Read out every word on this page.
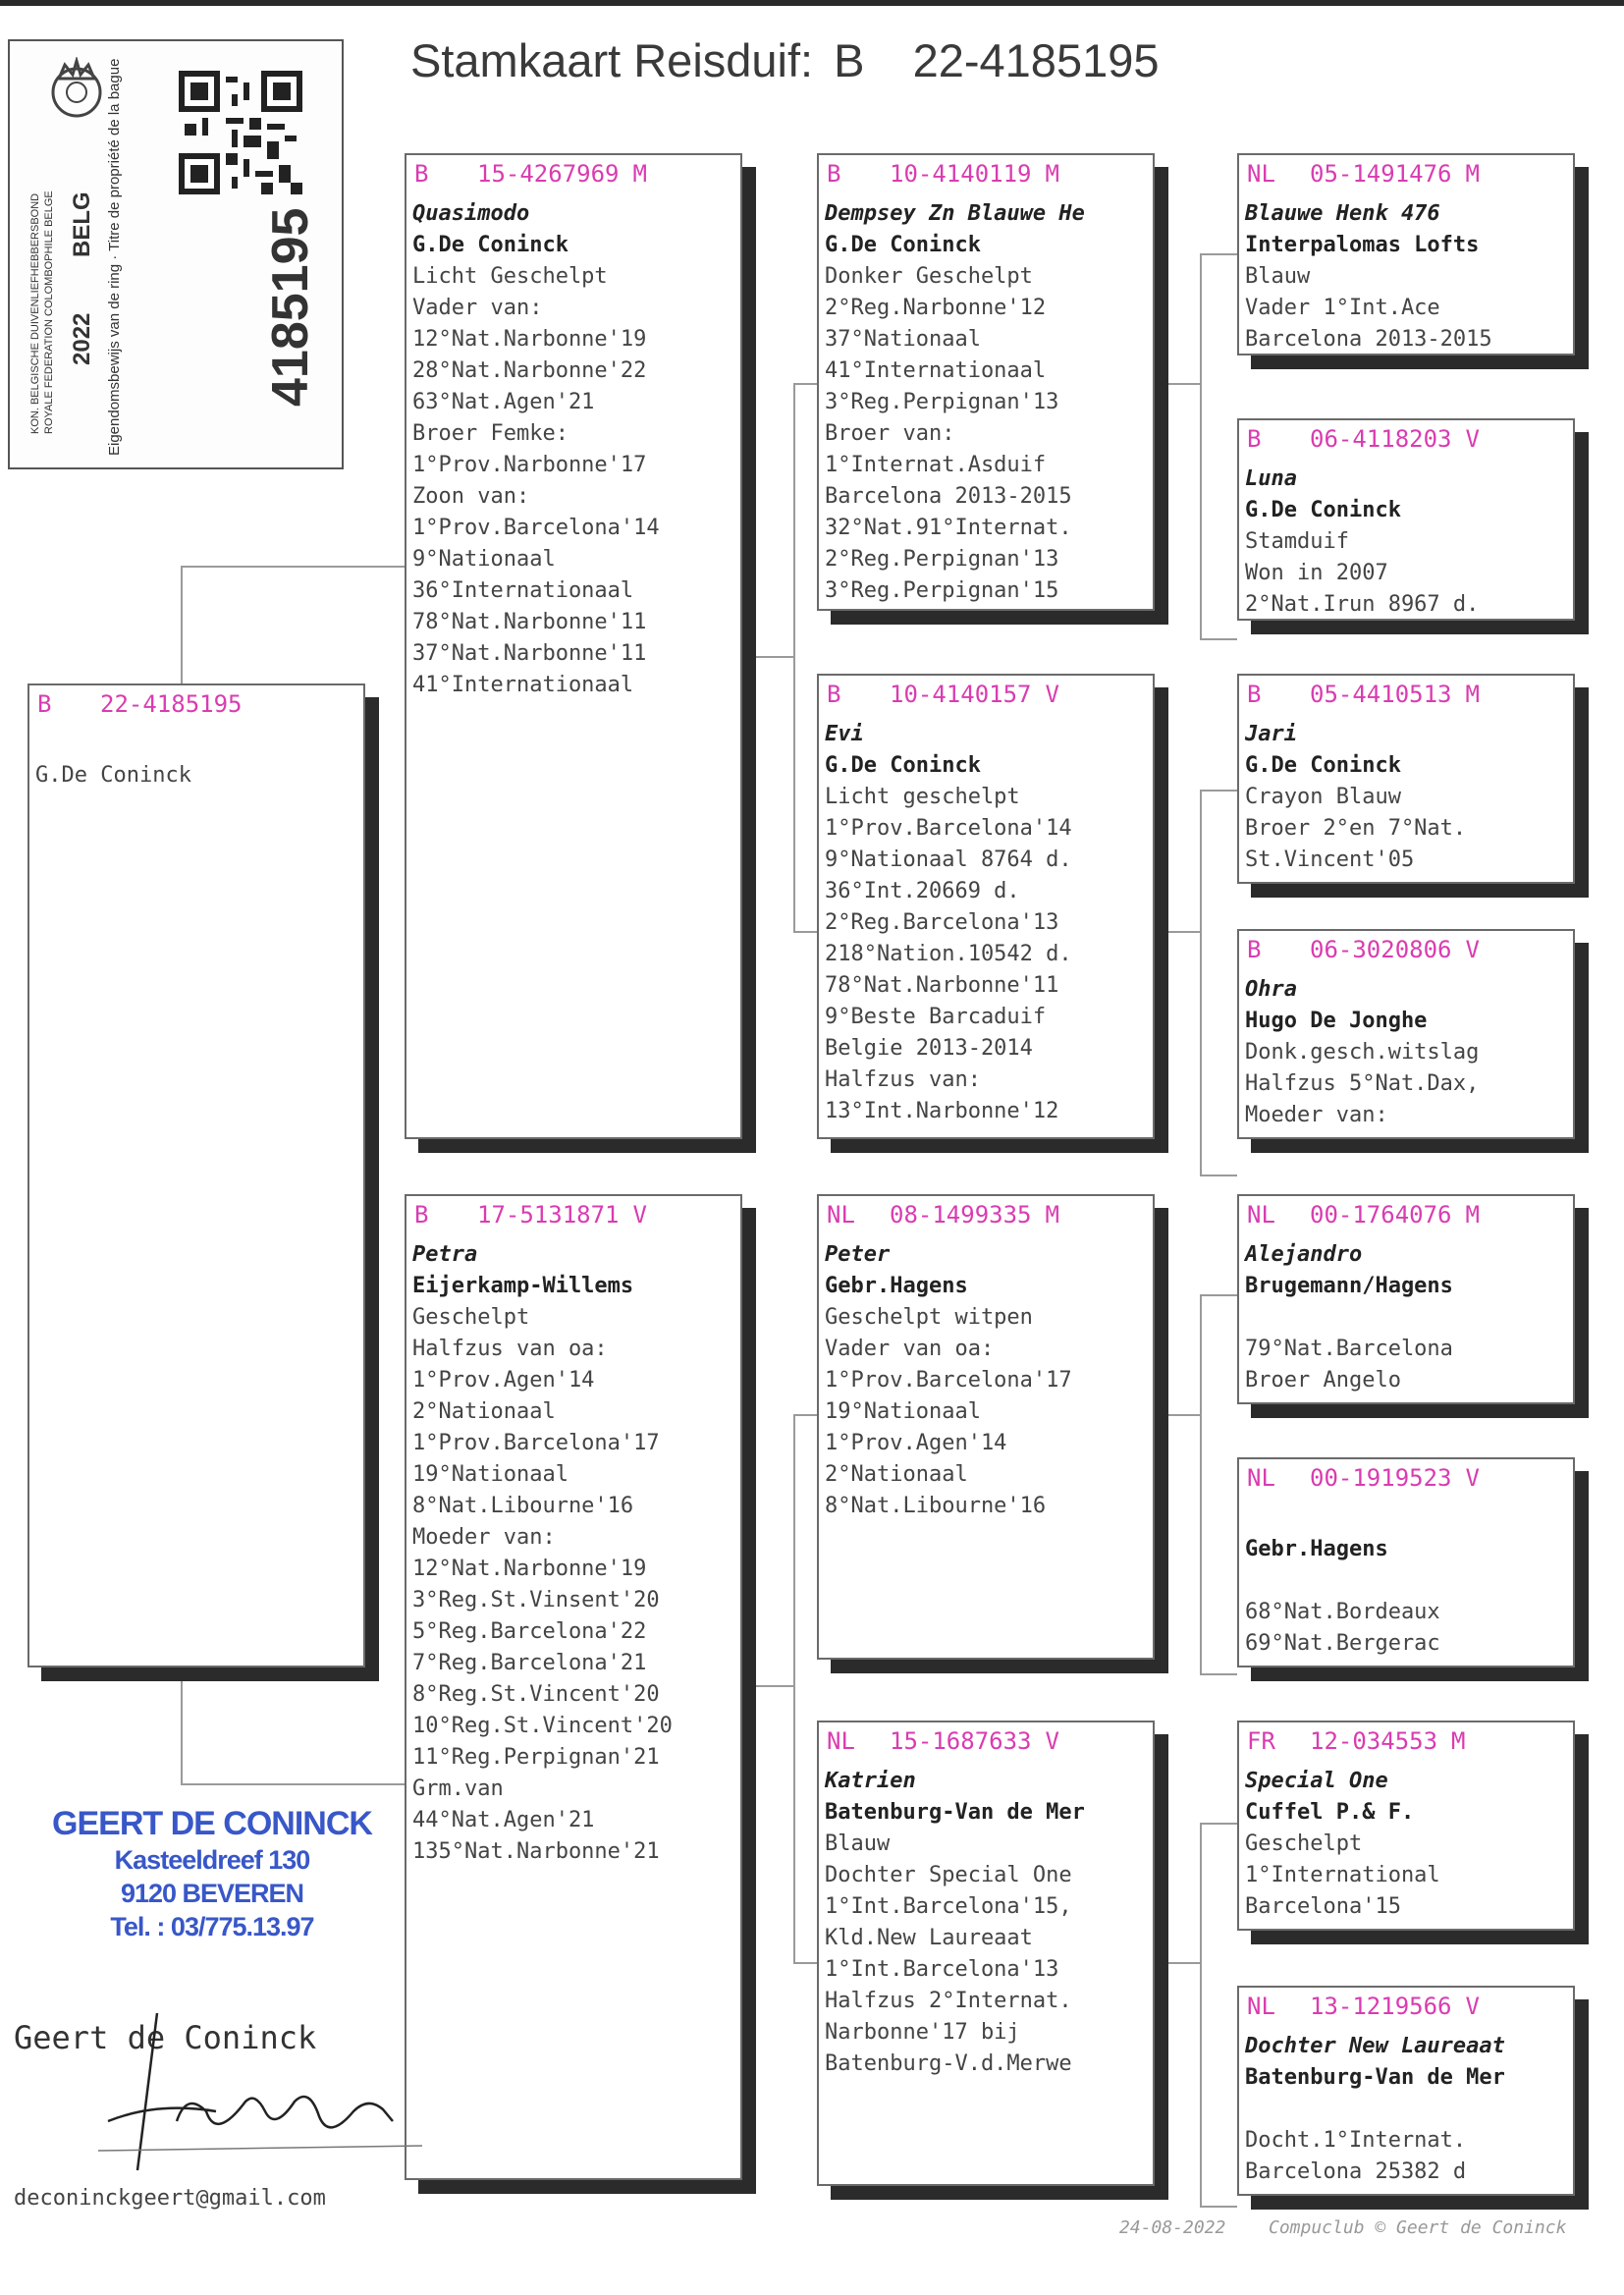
Stamkaart Reisduif: B 22-4185195
KON. BELGISCHE DUIVENLIEFHEBBERSBOND ROYALE FEDERATION COLOMBOPHILE BELGE 2022
BELG Eigendomsbewijs van de ring · Titre de propriété de la bague	4185195
B 22-4185195
G.De Coninck
B 15-4267969 M
Quasimodo
G.De Coninck
Licht Geschelpt
Vader van:
12°Nat.Narbonne'19
28°Nat.Narbonne'22
63°Nat.Agen'21
Broer Femke:
1°Prov.Narbonne'17
Zoon van:
1°Prov.Barcelona'14
9°Nationaal
36°Internationaal
78°Nat.Narbonne'11
37°Nat.Narbonne'11
41°Internationaal
B 17-5131871 V
Petra
Eijerkamp-Willems
Geschelpt
Halfzus van oa:
1°Prov.Agen'14
2°Nationaal
1°Prov.Barcelona'17
19°Nationaal
8°Nat.Libourne'16
Moeder van:
12°Nat.Narbonne'19
3°Reg.St.Vinsent'20
5°Reg.Barcelona'22
7°Reg.Barcelona'21
8°Reg.St.Vincent'20
10°Reg.St.Vincent'20
11°Reg.Perpignan'21
Grm.van
44°Nat.Agen'21
135°Nat.Narbonne'21
B 10-4140119 M
Dempsey Zn Blauwe He
G.De Coninck
Donker Geschelpt
2°Reg.Narbonne'12
37°Nationaal
41°Internationaal
3°Reg.Perpignan'13
Broer van:
1°Internat.Asduif
Barcelona 2013-2015
32°Nat.91°Internat.
2°Reg.Perpignan'13
3°Reg.Perpignan'15
B 10-4140157 V
Evi
G.De Coninck
Licht geschelpt
1°Prov.Barcelona'14
9°Nationaal 8764 d.
36°Int.20669 d.
2°Reg.Barcelona'13
218°Nation.10542 d.
78°Nat.Narbonne'11
9°Beste Barcaduif
Belgie 2013-2014
Halfzus van:
13°Int.Narbonne'12
NL 08-1499335 M
Peter
Gebr.Hagens
Geschelpt witpen
Vader van oa:
1°Prov.Barcelona'17
19°Nationaal
1°Prov.Agen'14
2°Nationaal
8°Nat.Libourne'16
NL 15-1687633 V
Katrien
Batenburg-Van de Mer
Blauw
Dochter Special One
1°Int.Barcelona'15,
Kld.New Laureaat
1°Int.Barcelona'13
Halfzus 2°Internat.
Narbonne'17 bij
Batenburg-V.d.Merwe
NL 05-1491476 M
Blauwe Henk 476
Interpalomas Lofts
Blauw
Vader 1°Int.Ace
Barcelona 2013-2015
B 06-4118203 V
Luna
G.De Coninck
Stamduif
Won in 2007
2°Nat.Irun 8967 d.
B 05-4410513 M
Jari
G.De Coninck
Crayon Blauw
Broer 2°en 7°Nat.
St.Vincent'05
B 06-3020806 V
Ohra
Hugo De Jonghe
Donk.gesch.witslag
Halfzus 5°Nat.Dax,
Moeder van:
NL 00-1764076 M
Alejandro
Brugemann/Hagens
79°Nat.Barcelona
Broer Angelo
NL 00-1919523 V
Gebr.Hagens
68°Nat.Bordeaux
69°Nat.Bergerac
FR 12-034553 M
Special One
Cuffel P.& F.
Geschelpt
1°International
Barcelona'15
NL 13-1219566 V
Dochter New Laureaat
Batenburg-Van de Mer
Docht.1°Internat.
Barcelona 25382 d
GEERT DE CONINCK
Kasteeldreef 130
9120 BEVEREN
Tel. : 03/775.13.97
Geert de Coninck
deconinckgeert@gmail.com
24-08-2022 Compuclub © Geert de Coninck
